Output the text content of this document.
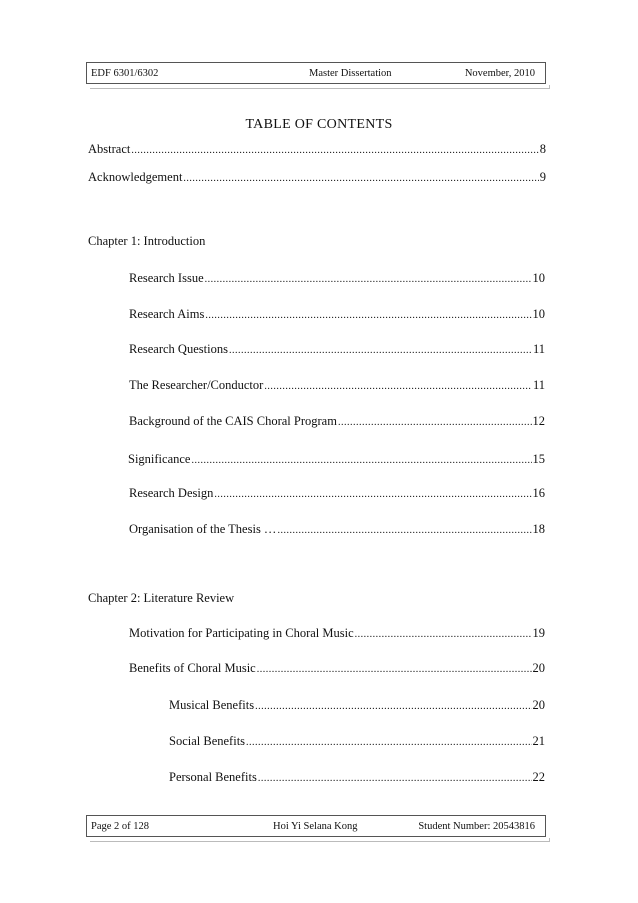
EDF 6301/6302	Master Dissertation	November, 2010
TABLE OF CONTENTS
Abstract .....	8
Acknowledgement .....	9
Chapter 1: Introduction
Research Issue .....	10
Research Aims .....	10
Research Questions .....	11
The Researcher/Conductor .....	11
Background of the CAIS Choral Program .....	12
Significance .....	15
Research Design .....	16
Organisation of the Thesis … .....	18
Chapter 2: Literature Review
Motivation for Participating in Choral Music .....	19
Benefits of Choral Music .....	20
Musical Benefits .....	20
Social Benefits .....	21
Personal Benefits .....	22
Page 2 of 128	Hoi Yi Selana Kong	Student Number: 20543816
